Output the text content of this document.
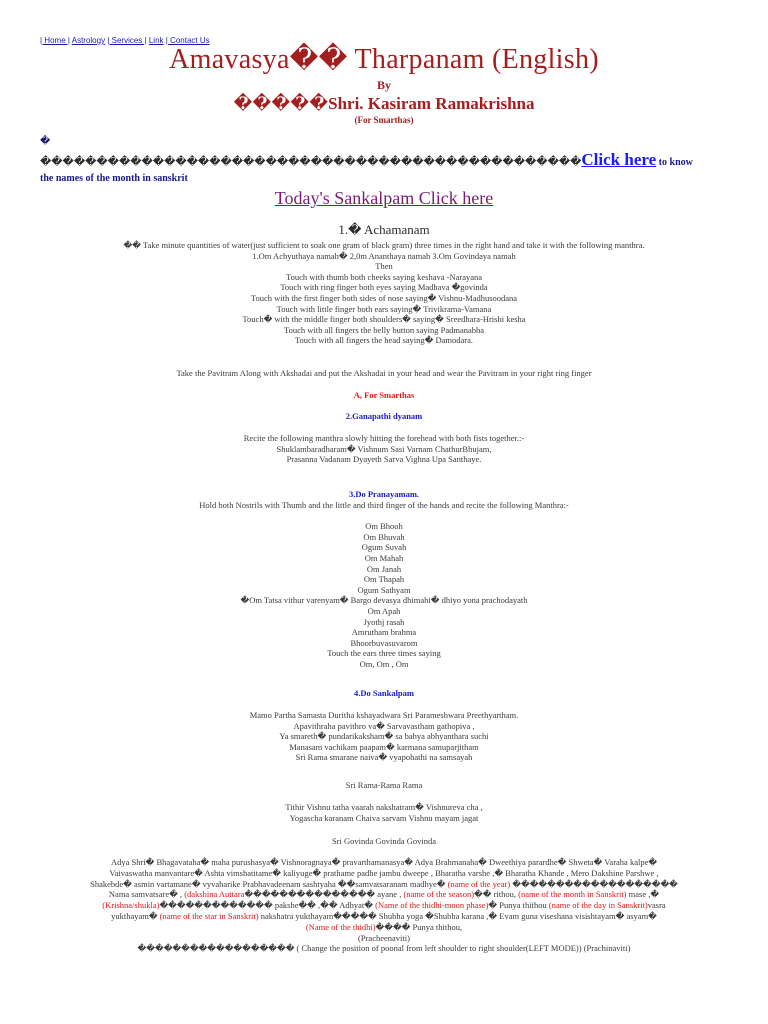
| Home | Astrology | Services | Link | Contact Us
Amavasya�� Tharpanam (English)
By
�����Shri. Kasiram Ramakrishna
(For Smarthas)
�
������������������������������������������������Click here to know
the names of the month in sanskrit
Today's Sankalpam Click here
1.� Achamanam
�� Take minute quantities of water(just sufficient to soak one gram of black gram) three times in the right hand and take it with the following manthra.
1.Om Achyuthaya namah� 2,0m Ananthaya namah 3.Om Govindaya namah
Then
Touch with thumb both cheeks saying keshava -Narayana
Touch with ring finger both eyes saying Madhava �govinda
Touch with the first finger both sides of nose saying� Vishnu-Madhusoodana
Touch with little finger both ears saying� Trivikrama-Vamana
Touch� with the middle finger both shoulders� saying� Sreedhara-Hrishi kesha
Touch with all fingers the belly button saying Padmanabha
Touch with all fingers the head saying� Damodara.
Take the Pavitram Along with Akshadai and put the Akshadai in your head and wear the Pavitram in your right ring finger
A, For Smarthas
2.Ganapathi dyanam
Recite the following manthra slowly hitting the forehead with both fists together.:-
Shuklambaradharam� Vishnum Sasi Varnam ChathurBhujam,
Prasanna Vadanam Dyayeth Sarva Vighna Upa Santhaye.
3.Do Pranayamam.
Hold both Nostrils with Thumb and the little and third finger of the hands and recite the following Manthra:-

Om Bhooh
Om Bhuvah
Ogum Suvah
Om Mahah
Om Janah
Om Thapah
Ogum Sathyam
�Om Tatsa vithur varenyam� Bargo devasya dhimahi� dhiyo yona prachodayath
Om Apah
Jyothj rasah
Amrutham brahma
Bhoorbuvasuvarom
Touch the ears three times saying
Om, Om , Om
4.Do Sankalpam
Mamo Partha Samasta Duritha kshayadwara Sri Parameshwara Preethyartham.
Apavithraha pavithro va� Sarvavastham gathopiva ,
Ya smareth� pundarikaksham� sa bahya abhyanthara suchi
Manasam vachikam paapam� karmana samuparjitham
Sri Rama smarane naiva� vyapohathi na samsayah
Sri Rama-Rama Rama
Tithir Vishnu tatha vaarah nakshatram� Vishnureva cha ,
Yogascha karanam Chaiva sarvam Vishnu mayam jagat
Sri Govinda Govinda Govinda
Adya Shri� Bhagavataha� maha purushasya� Vishnoragnaya� pravarthamanasya� Adya Brahmanaha� Dweethiya parardhe� Shweta� Varaha kalpe�
Vaivaswatha manvantare� Ashta vimshatitame� kaliyuge� prathame padhe jambu dweepe , Bharatha varshe ,� Bharatha Khande , Mero Dakshine Parshwe ,
Shakebde� asmin vartamane� vyvaharike Prabhavadeenam sashtyaha ��samvatsaranam madhye� (name of the year) �������������������
Nama samvatsare� , (dakshina Auttara��������������� ayane , (name of the season)�� rithou, (name of the month in Sanskrit) mase ,�
(Krishna/shukla)������������� pakshe�� ,�� Adhyat� (Name of the thidhi-moon phase)� Punya thithou (name of the day in Sanskrit)vasra
yukthayam� (name of the star in Sanskrit) nakshatra yukthayam����� Shubha yoga �Shubha karana ,� Evam guna viseshana visishtayam� asyam�
(Name of the thidhi)���� Punya thithou,
(Pracheenaviti)
������������������ ( Change the position of poonal from left shoulder to right shoulder(LEFT MODE)) (Prachinaviti)
